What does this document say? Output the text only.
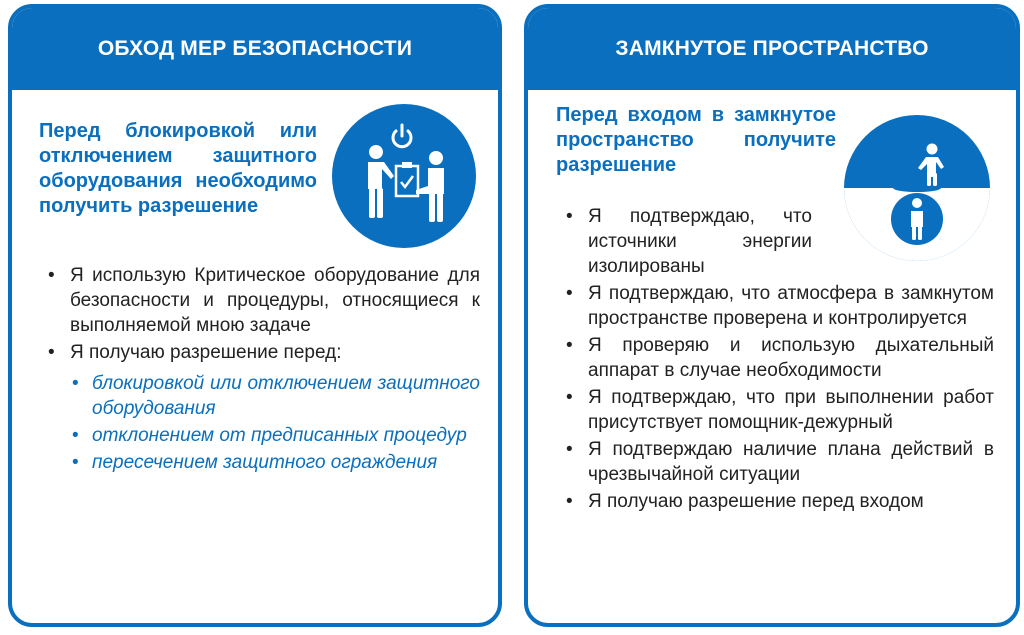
ОБХОД МЕР БЕЗОПАСНОСТИ
Перед блокировкой или отключением защитного оборудования необходимо получить разрешение
• Я использую Критическое оборудование для безопасности и процедуры, относящиеся к выполняемой мною задаче
• Я получаю разрешение перед:
• блокировкой или отключением защитного оборудования
• отклонением от предписанных процедур
• пересечением защитного ограждения
ЗАМКНУТОЕ ПРОСТРАНСТВО
Перед входом в замкнутое пространство получите разрешение
• Я подтверждаю, что источники энергии изолированы
• Я подтверждаю, что атмосфера в замкнутом пространстве проверена и контролируется
• Я проверяю и использую дыхательный аппарат в случае необходимости
• Я подтверждаю, что при выполнении работ присутствует помощник-дежурный
• Я подтверждаю наличие плана действий в чрезвычайной ситуации
• Я получаю разрешение перед входом
